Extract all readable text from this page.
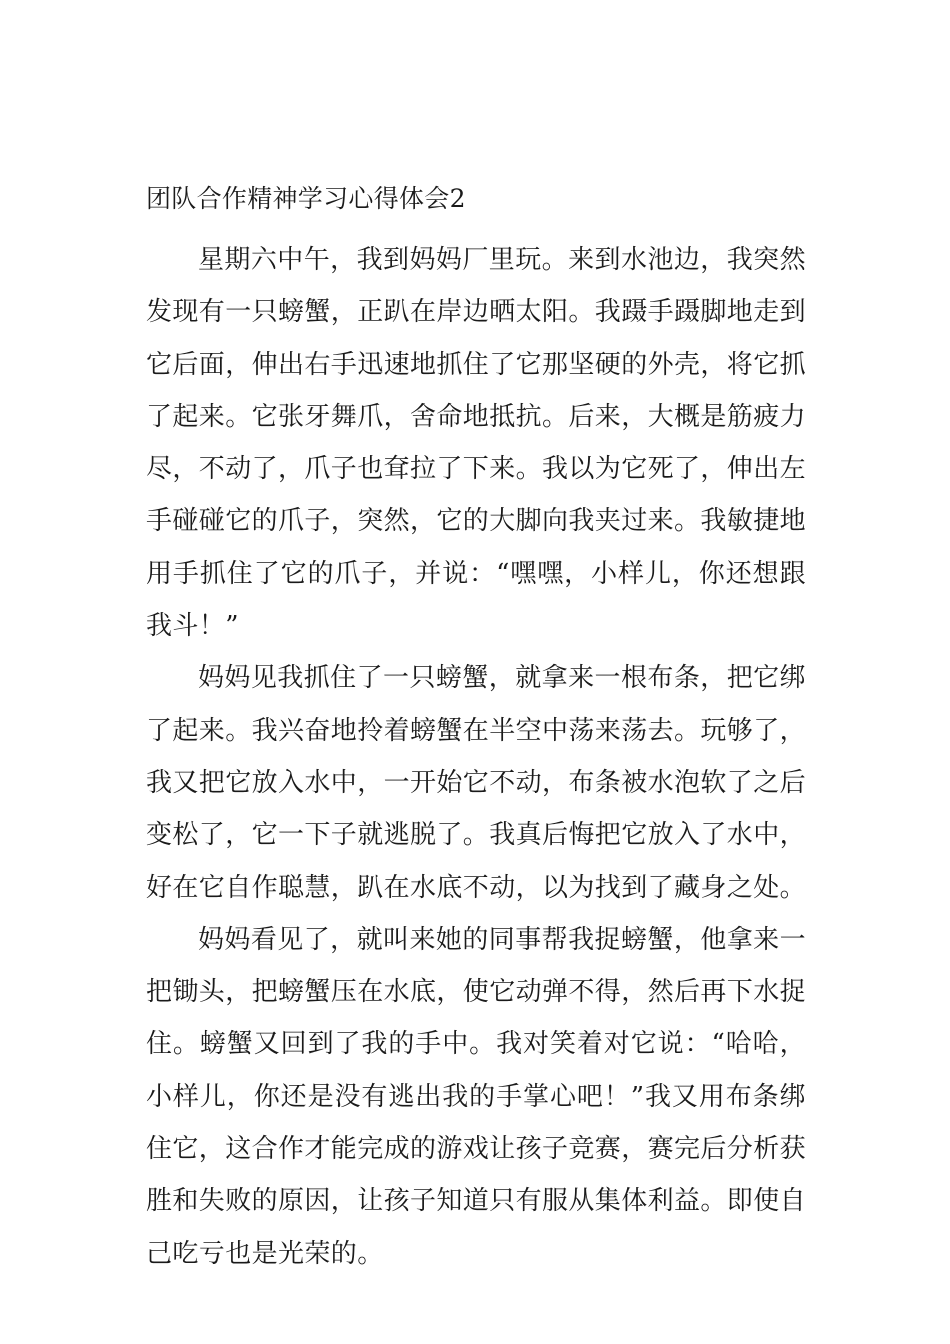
团队合作精神学习心得体会2

星期六中午，我到妈妈厂里玩。来到水池边，我突然发现有一只螃蟹，正趴在岸边晒太阳。我蹑手蹑脚地走到它后面，伸出右手迅速地抓住了它那坚硬的外壳，将它抓了起来。它张牙舞爪，舍命地抵抗。后来，大概是筋疲力尽，不动了，爪子也耷拉了下来。我以为它死了，伸出左手碰碰它的爪子，突然，它的大脚向我夹过来。我敏捷地用手抓住了它的爪子，并说：“嘿嘿，小样儿，你还想跟我斗！”

妈妈见我抓住了一只螃蟹，就拿来一根布条，把它绑了起来。我兴奋地拎着螃蟹在半空中荡来荡去。玩够了，我又把它放入水中，一开始它不动，布条被水泡软了之后变松了，它一下子就逃脱了。我真后悔把它放入了水中，好在它自作聪慧，趴在水底不动，以为找到了藏身之处。

妈妈看见了，就叫来她的同事帮我捉螃蟹，他拿来一把锄头，把螃蟹压在水底，使它动弹不得，然后再下水捉住。螃蟹又回到了我的手中。我对笑着对它说：“哈哈，小样儿，你还是没有逃出我的手掌心吧！”我又用布条绑住它，这合作才能完成的游戏让孩子竞赛，赛完后分析获胜和失败的原因，让孩子知道只有服从集体利益。即使自己吃亏也是光荣的。
